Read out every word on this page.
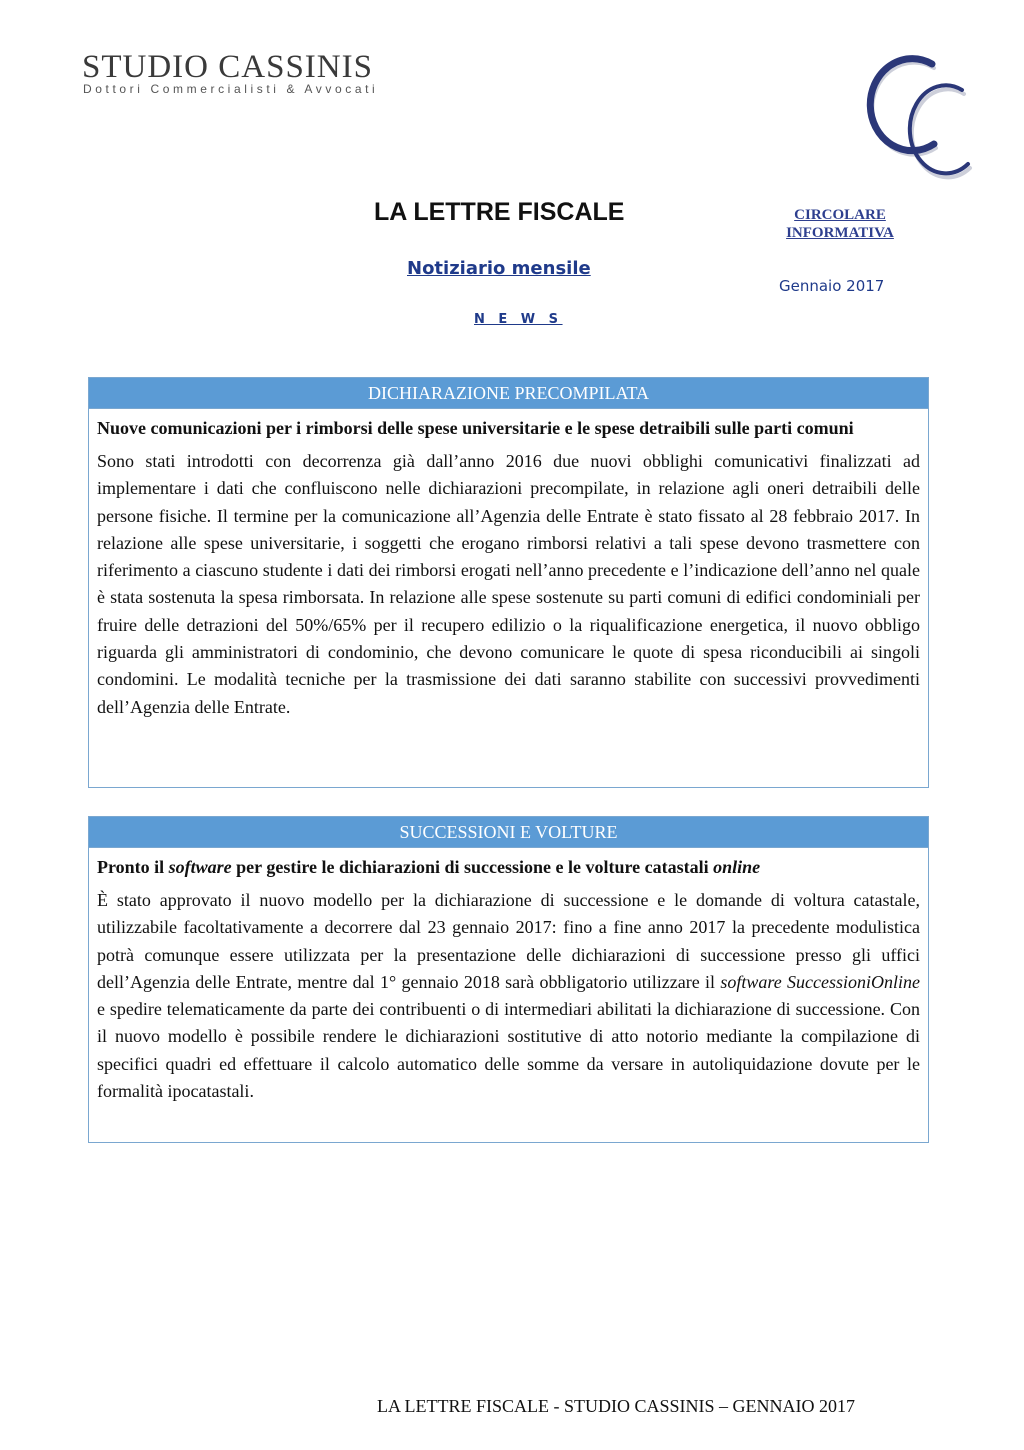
STUDIO CASSINIS
Dottori Commercialisti & Avvocati
LA LETTRE FISCALE	CIRCOLARE
INFORMATIVA
Notiziario mensile
Gennaio 2017
N E W S
DICHIARAZIONE PRECOMPILATA

Nuove comunicazioni per i rimborsi delle spese universitarie e le spese detraibili sulle parti comuni

Sono stati introdotti con decorrenza già dall’anno 2016 due nuovi obblighi comunicativi finalizzati ad implementare i dati che confluiscono nelle dichiarazioni precompilate, in relazione agli oneri detraibili delle persone fisiche. Il termine per la comunicazione all’Agenzia delle Entrate è stato fissato al 28 febbraio 2017. In relazione alle spese universitarie, i soggetti che erogano rimborsi relativi a tali spese devono trasmettere con riferimento a ciascuno studente i dati dei rimborsi erogati nell’anno precedente e l’indicazione dell’anno nel quale è stata sostenuta la spesa rimborsata. In relazione alle spese sostenute su parti comuni di edifici condominiali per fruire delle detrazioni del 50%/65% per il recupero edilizio o la riqualificazione energetica, il nuovo obbligo riguarda gli amministratori di condominio, che devono comunicare le quote di spesa riconducibili ai singoli condomini. Le modalità tecniche per la trasmissione dei dati saranno stabilite con successivi provvedimenti dell’Agenzia delle Entrate.

SUCCESSIONI E VOLTURE

Pronto il software per gestire le dichiarazioni di successione e le volture catastali online

È stato approvato il nuovo modello per la dichiarazione di successione e le domande di voltura catastale, utilizzabile facoltativamente a decorrere dal 23 gennaio 2017: fino a fine anno 2017 la precedente modulistica potrà comunque essere utilizzata per la presentazione delle dichiarazioni di successione presso gli uffici dell’Agenzia delle Entrate, mentre dal 1° gennaio 2018 sarà obbligatorio utilizzare il software SuccessioniOnline e spedire telematicamente da parte dei contribuenti o di intermediari abilitati la dichiarazione di successione. Con il nuovo modello è possibile rendere le dichiarazioni sostitutive di atto notorio mediante la compilazione di specifici quadri ed effettuare il calcolo automatico delle somme da versare in autoliquidazione dovute per le formalità ipocatastali.

LA LETTRE FISCALE - STUDIO CASSINIS – GENNAIO 2017
